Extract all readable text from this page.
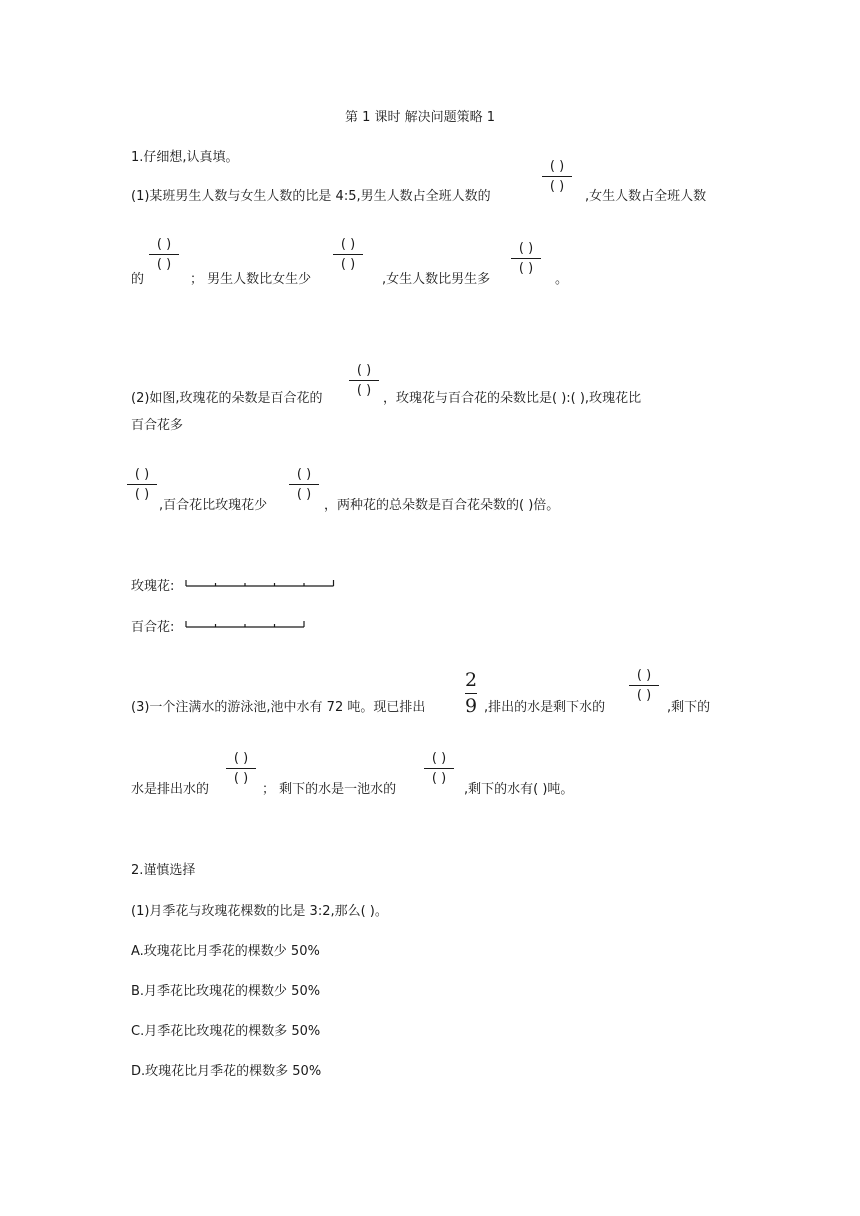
第 1 课时 解决问题策略 1
1.仔细想,认真填。
(1)某班男生人数与女生人数的比是 4:5,男生人数占全班人数的
( )
( )
,女生人数占全班人数
的
( )
( )
； 男生人数比女生少
( )
( )
,女生人数比男生多
( )
( )
。
(2)如图,玫瑰花的朵数是百合花的
( )
( )
，玫瑰花与百合花的朵数比是( ):( ),玫瑰花比
百合花多
( )
( )
,百合花比玫瑰花少
( )
( )
，两种花的总朵数是百合花朵数的( )倍。
玫瑰花:
百合花:
(3)一个注满水的游泳池,池中水有 72 吨。现已排出
2
9 ,排出的水是剩下水的
( )
( )
,剩下的
水是排出水的
( )
( )
； 剩下的水是一池水的
( )
( )
,剩下的水有( )吨。
2.谨慎选择
(1)月季花与玫瑰花棵数的比是 3:2,那么( )。
A.玫瑰花比月季花的棵数少 50%
B.月季花比玫瑰花的棵数少 50%
C.月季花比玫瑰花的棵数多 50%
D.玫瑰花比月季花的棵数多 50%
